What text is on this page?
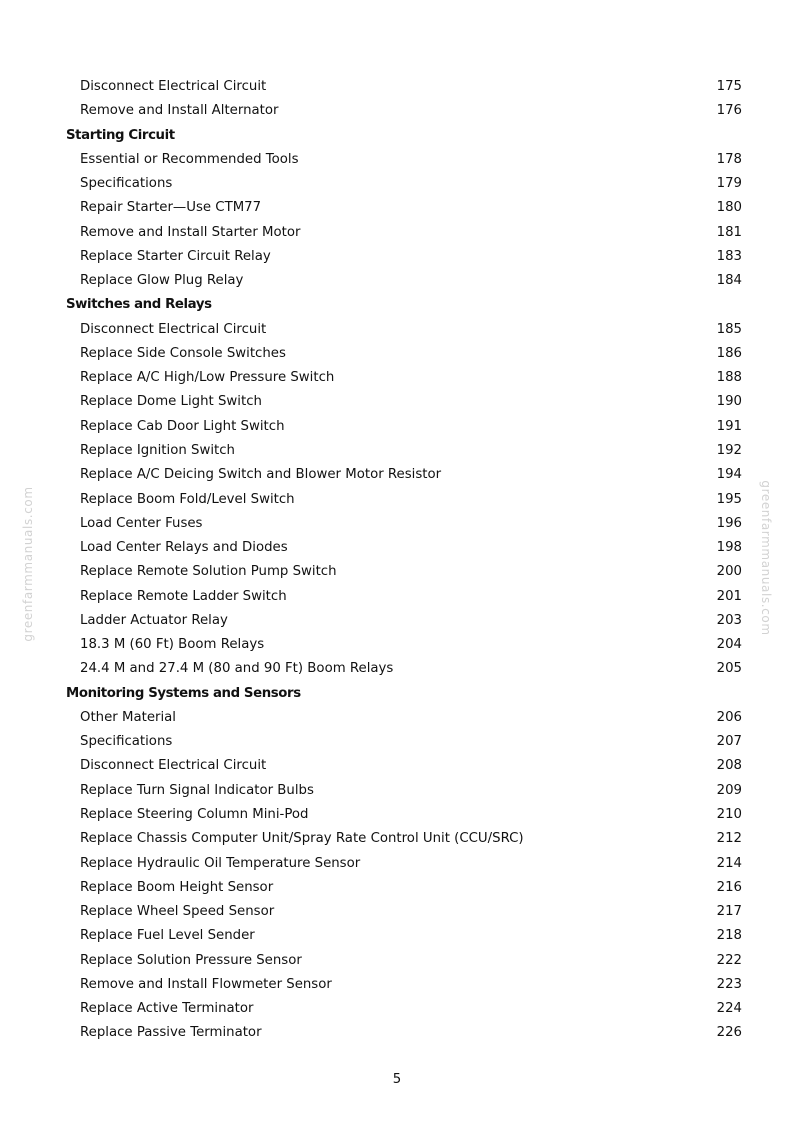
Disconnect Electrical Circuit	175
Remove and Install Alternator	176
Starting Circuit
Essential or Recommended Tools	178
Specifications	179
Repair Starter—Use CTM77	180
Remove and Install Starter Motor	181
Replace Starter Circuit Relay	183
Replace Glow Plug Relay	184
Switches and Relays
Disconnect Electrical Circuit	185
Replace Side Console Switches	186
Replace A/C High/Low Pressure Switch	188
Replace Dome Light Switch	190
Replace Cab Door Light Switch	191
Replace Ignition Switch	192
Replace A/C Deicing Switch and Blower Motor Resistor	194
Replace Boom Fold/Level Switch	195
Load Center Fuses	196
Load Center Relays and Diodes	198
Replace Remote Solution Pump Switch	200
Replace Remote Ladder Switch	201
Ladder Actuator Relay	203
18.3 M (60 Ft) Boom Relays	204
24.4 M and 27.4 M (80 and 90 Ft) Boom Relays	205
Monitoring Systems and Sensors
Other Material	206
Specifications	207
Disconnect Electrical Circuit	208
Replace Turn Signal Indicator Bulbs	209
Replace Steering Column Mini-Pod	210
Replace Chassis Computer Unit/Spray Rate Control Unit (CCU/SRC)	212
Replace Hydraulic Oil Temperature Sensor	214
Replace Boom Height Sensor	216
Replace Wheel Speed Sensor	217
Replace Fuel Level Sender	218
Replace Solution Pressure Sensor	222
Remove and Install Flowmeter Sensor	223
Replace Active Terminator	224
Replace Passive Terminator	226
5
greenfarmmanuals.com	greenfarmmanuals.com
